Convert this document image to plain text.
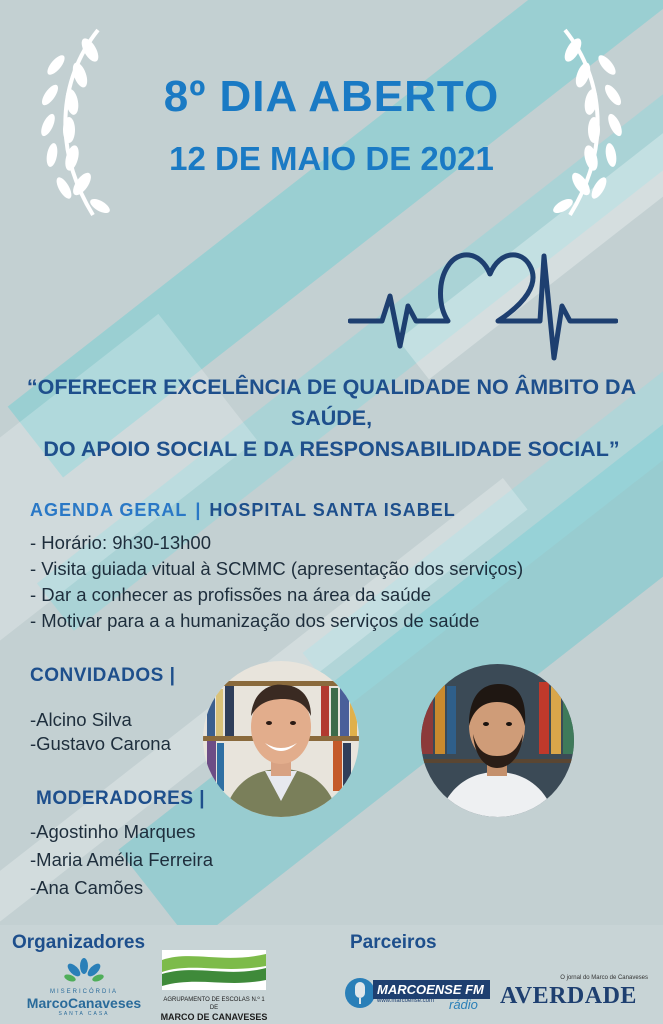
8º DIA ABERTO
12 DE MAIO DE 2021
“OFERECER EXCELÊNCIA DE QUALIDADE NO ÂMBITO DA SAÚDE,
DO APOIO SOCIAL E DA RESPONSABILIDADE SOCIAL”
AGENDA GERAL | HOSPITAL SANTA ISABEL
- Horário: 9h30-13h00
- Visita guiada vitual à SCMMC (apresentação dos serviços)
- Dar a conhecer as profissões na área da saúde
- Motivar para a a humanização dos serviços de saúde
CONVIDADOS |
-Alcino Silva
-Gustavo Carona
MODERADORES |
-Agostinho Marques
-Maria Amélia Ferreira
-Ana Camões
Organizadores	Parceiros
MISERICÓRDIA
MarcoCanaveses
SANTA CASA
AGRUPAMENTO DE ESCOLAS N.º 1 DE
MARCO DE CANAVESES
MARCOENSE FM
www.marcoense.com rádio
O jornal do Marco de Canaveses
AVERDADE
